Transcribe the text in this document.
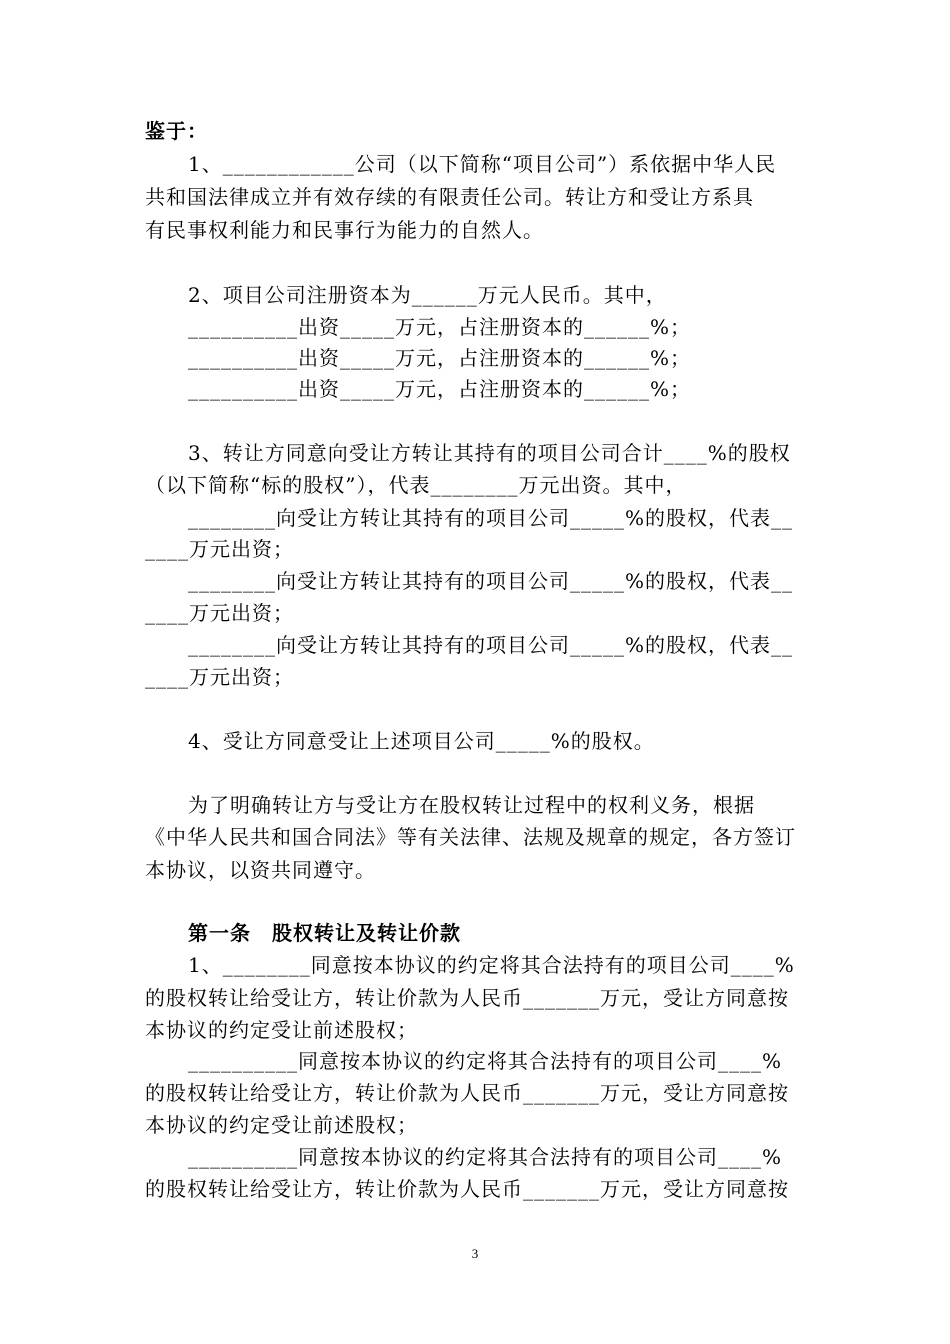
鉴于：
1、____________公司（以下简称“项目公司”）系依据中华人民
共和国法律成立并有效存续的有限责任公司。转让方和受让方系具
有民事权利能力和民事行为能力的自然人。
2、项目公司注册资本为______万元人民币。其中，
__________出资_____万元，占注册资本的______%；
__________出资_____万元，占注册资本的______%；
__________出资_____万元，占注册资本的______%；
3、转让方同意向受让方转让其持有的项目公司合计____%的股权
（以下简称“标的股权”），代表________万元出资。其中，
________向受让方转让其持有的项目公司_____%的股权，代表__
____万元出资；
________向受让方转让其持有的项目公司_____%的股权，代表__
____万元出资；
________向受让方转让其持有的项目公司_____%的股权，代表__
____万元出资；
4、受让方同意受让上述项目公司_____%的股权。
为了明确转让方与受让方在股权转让过程中的权利义务，根据
《中华人民共和国合同法》等有关法律、法规及规章的规定，各方签订
本协议，以资共同遵守。
第一条　股权转让及转让价款
1、________同意按本协议的约定将其合法持有的项目公司____%
的股权转让给受让方，转让价款为人民币_______万元，受让方同意按
本协议的约定受让前述股权；
__________同意按本协议的约定将其合法持有的项目公司____%
的股权转让给受让方，转让价款为人民币_______万元，受让方同意按
本协议的约定受让前述股权；
__________同意按本协议的约定将其合法持有的项目公司____%
的股权转让给受让方，转让价款为人民币_______万元，受让方同意按
3
